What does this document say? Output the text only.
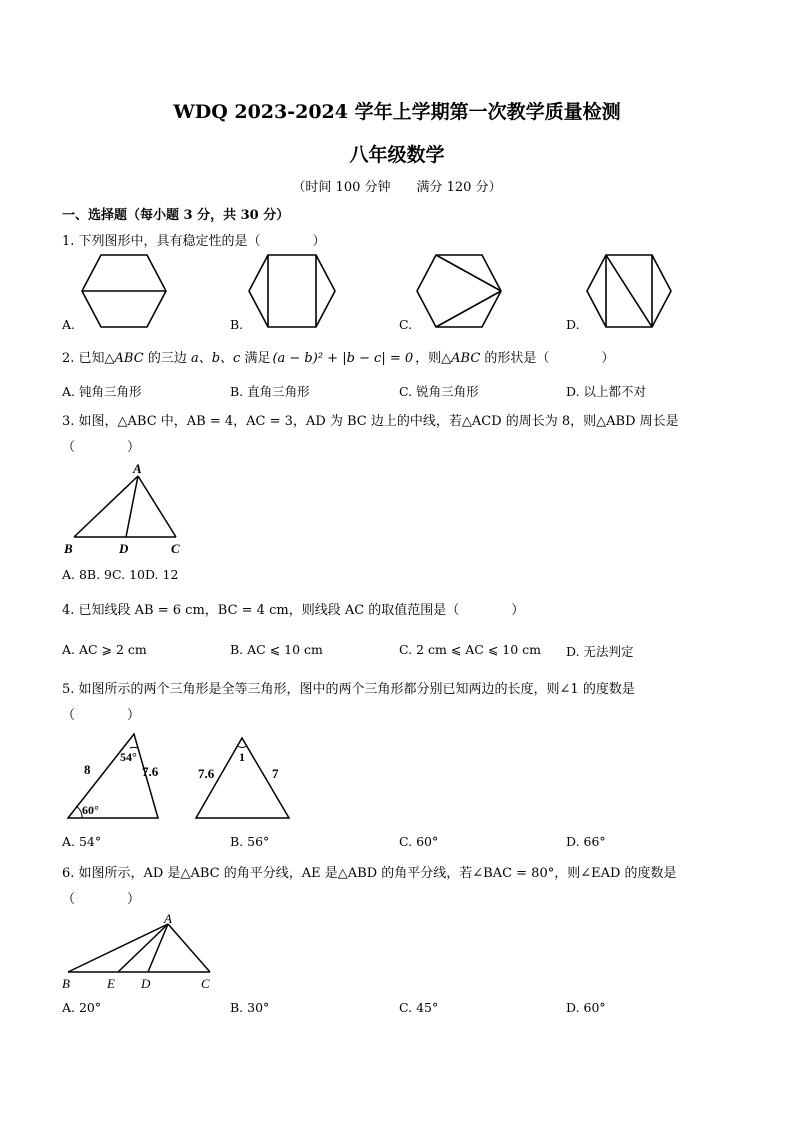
WDQ 2023-2024 学年上学期第一次教学质量检测
八年级数学
（时间 100 分钟　　满分 120 分）
一、选择题（每小题 3 分，共 30 分）
1. 下列图形中，具有稳定性的是（　　　　）
A.	B.	C.	D.
2. 已知△ABC 的三边 a、b、c 满足 (a − b)² + |b − c| = 0 ，则△ABC 的形状是（　　　　）
A. 钝角三角形	B. 直角三角形	C. 锐角三角形	D. 以上都不对
3. 如图，△ABC 中，AB = 4，AC = 3，AD 为 BC 边上的中线，若△ACD 的周长为 8，则△ABD 周长是
（　　　　）
A
B	D	C
A. 8B. 9C. 10D. 12
4. 已知线段 AB = 6 cm，BC = 4 cm，则线段 AC 的取值范围是（　　　　）
A. AC ⩾ 2 cm	B. AC ⩽ 10 cm	C. 2 cm ⩽ AC ⩽ 10 cm D. 无法判定
5. 如图所示的两个三角形是全等三角形，图中的两个三角形都分别已知两边的长度，则∠1 的度数是
（　　　　）
8	7.6
54°
60°
7.6	7
1
A. 54°	B. 56°	C. 60°	D. 66°
6. 如图所示，AD 是△ABC 的角平分线，AE 是△ABD 的角平分线，若∠BAC = 80°，则∠EAD 的度数是
（　　　　）
A
B	E D	C
A. 20°	B. 30°	C. 45°	D. 60°
